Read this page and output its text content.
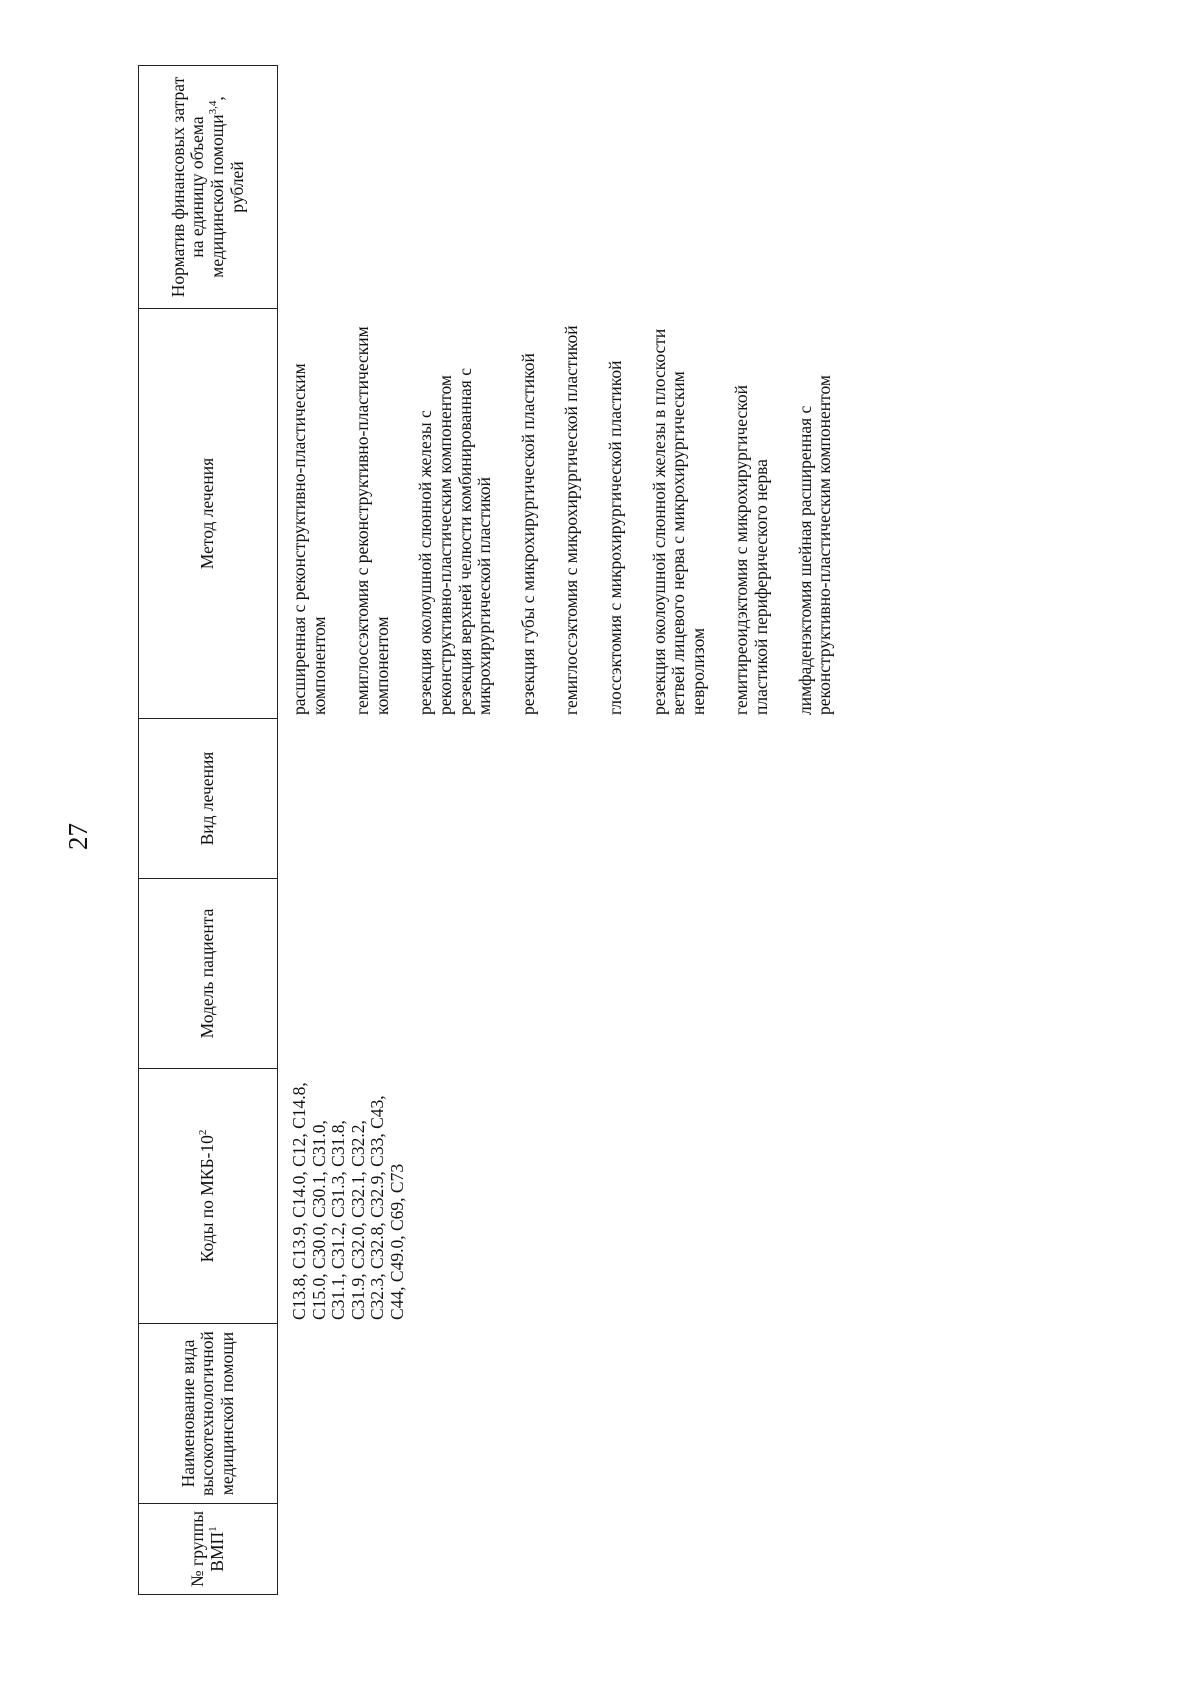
27
№ группы ВМП$^1$
Наименование вида высокотехнологичной медицинской помощи
Коды по МКБ-$10^2$
Модель пациента
Вид лечения
Метод лечения
Норматив финансовых затрат на единицу объема медицинской помощи$^{3,4}$, рублей
C13.8, C13.9, C14.0, C12, C14.8, C15.0, C30.0, C30.1, C31.0, C31.1, C31.2, C31.3, C31.8, C31.9, C32.0, C32.1, C32.2, C32.3, C32.8, C32.9, C33, C43, C44, C49.0, C69, C73
расширенная с реконструктивно-пластическим компонентом гемиглоссэктомия с реконструктивно-пластическим компонентом резекция околоушной слюнной железы с реконструктивно-пластическим компонентом резекция верхней челюсти комбинированная с микрохирургической пластикой резекция губы с микрохирургической пластикой гемиглоссэктомия с микрохирургической пластикой глоссэктомия с микрохирургической пластикой резекция околоушной слюнной железы в плоскости ветвей лицевого нерва с микрохирургическим невролизом гемитиреоидэктомия с микрохирургической пластикой периферического нерва лимфаденэктомия шейная расширенная с реконструктивно-пластическим компонентом
